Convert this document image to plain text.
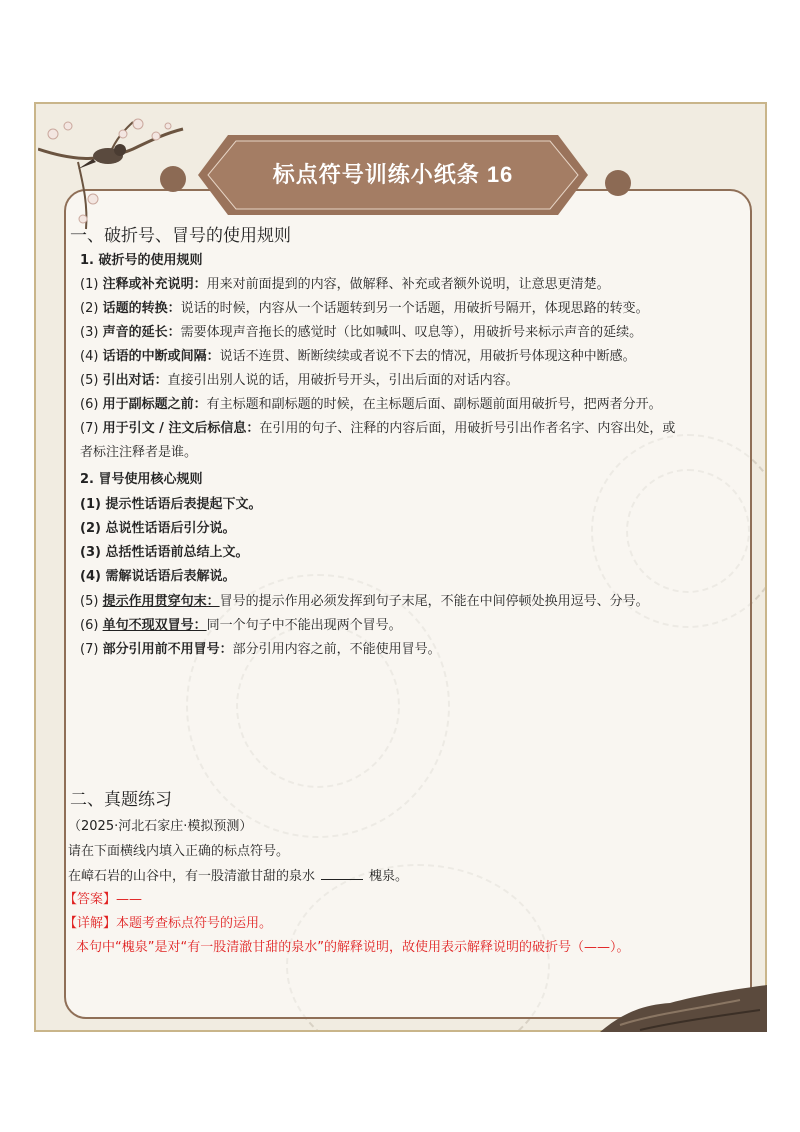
标点符号训练小纸条 16
一、破折号、冒号的使用规则
1. 破折号的使用规则
(1) 注释或补充说明：用来对前面提到的内容，做解释、补充或者额外说明，让意思更清楚。
(2) 话题的转换：说话的时候，内容从一个话题转到另一个话题，用破折号隔开，体现思路的转变。
(3) 声音的延长：需要体现声音拖长的感觉时（比如喊叫、叹息等），用破折号来标示声音的延续。
(4) 话语的中断或间隔：说话不连贯、断断续续或者说不下去的情况，用破折号体现这种中断感。
(5) 引出对话：直接引出别人说的话，用破折号开头，引出后面的对话内容。
(6) 用于副标题之前：有主标题和副标题的时候，在主标题后面、副标题前面用破折号，把两者分开。
(7) 用于引文 / 注文后标信息：在引用的句子、注释的内容后面，用破折号引出作者名字、内容出处，或
者标注注释者是谁。
2. 冒号使用核心规则
(1) 提示性话语后表提起下文。
(2) 总说性话语后引分说。
(3) 总括性话语前总结上文。
(4) 需解说话语后表解说。
(5) 提示作用贯穿句末：冒号的提示作用必须发挥到句子末尾，不能在中间停顿处换用逗号、分号。
(6) 单句不现双冒号：同一个句子中不能出现两个冒号。
(7) 部分引用前不用冒号：部分引用内容之前，不能使用冒号。
二、真题练习
（2025·河北石家庄·模拟预测）
请在下面横线内填入正确的标点符号。
在嶂石岩的山谷中，有一股清澈甘甜的泉水	槐泉。
【答案】——
【详解】本题考查标点符号的运用。
本句中“槐泉”是对“有一股清澈甘甜的泉水”的解释说明，故使用表示解释说明的破折号（——）。
